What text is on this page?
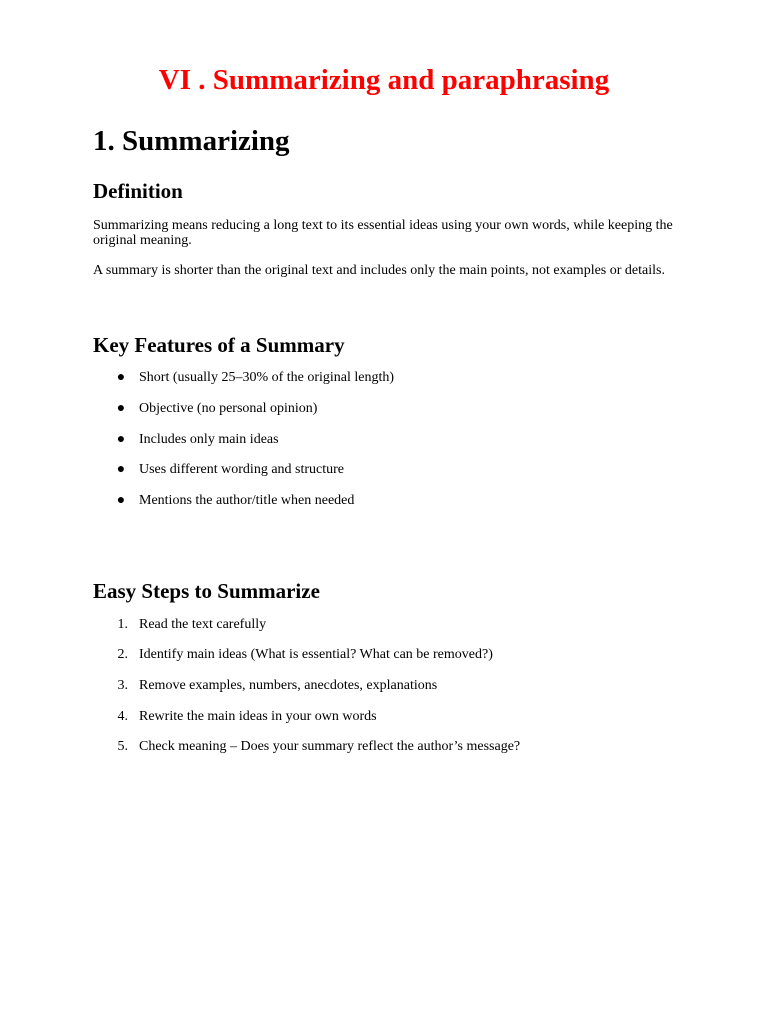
VI . Summarizing and paraphrasing
1. Summarizing
Definition

Summarizing means reducing a long text to its essential ideas using your own words, while keeping the original meaning.

A summary is shorter than the original text and includes only the main points, not examples or details.

Key Features of a Summary
● Short (usually 25–30% of the original length)
● Objective (no personal opinion)
● Includes only main ideas
● Uses different wording and structure
● Mentions the author/title when needed
Easy Steps to Summarize
1. Read the text carefully
2. Identify main ideas (What is essential? What can be removed?)
3. Remove examples, numbers, anecdotes, explanations
4. Rewrite the main ideas in your own words
5. Check meaning – Does your summary reflect the author’s message?
